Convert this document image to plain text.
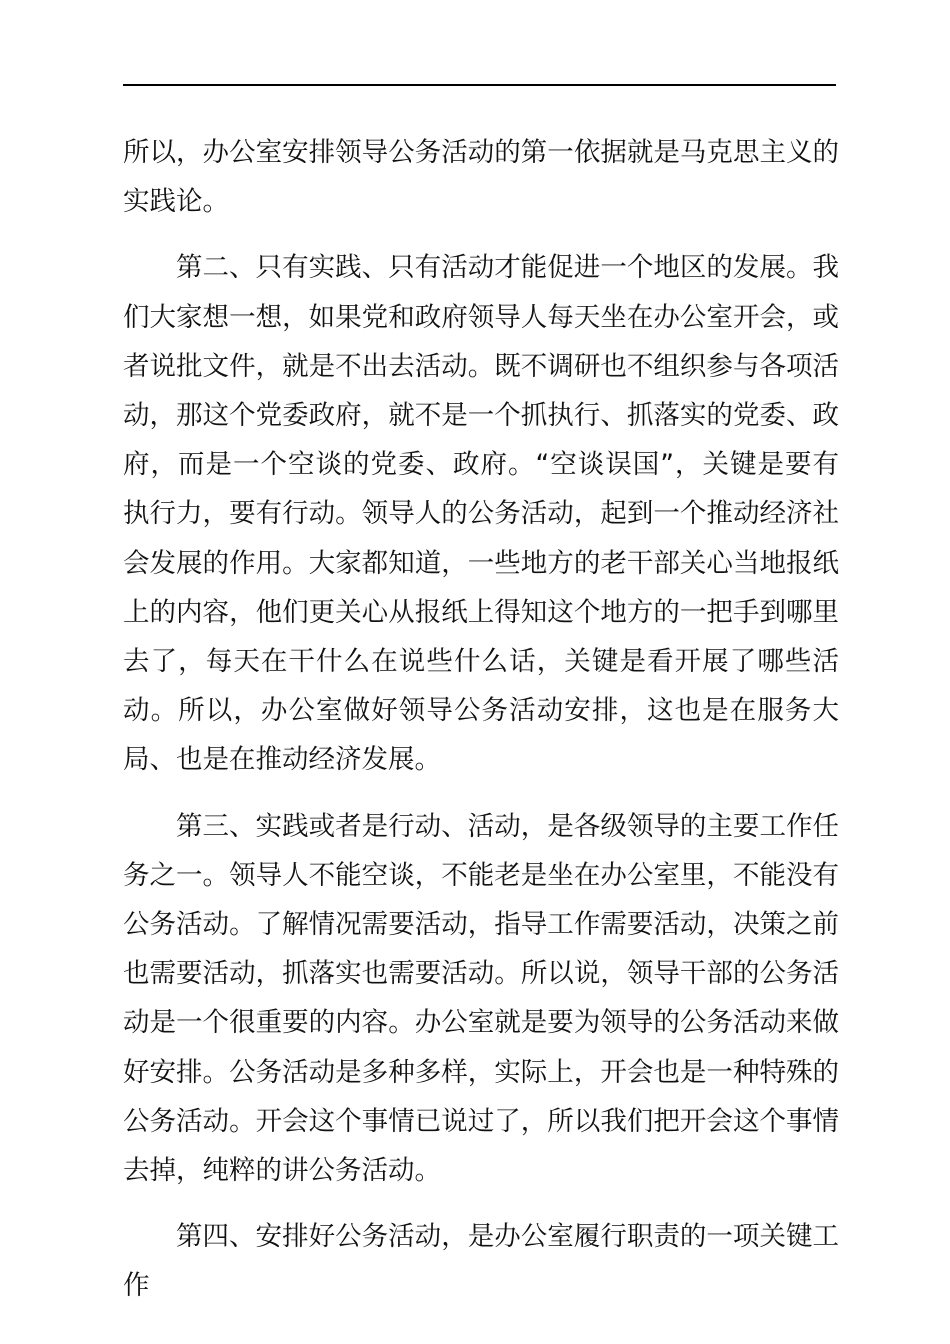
所以，办公室安排领导公务活动的第一依据就是马克思主义的实践论。

第二、只有实践、只有活动才能促进一个地区的发展。我们大家想一想，如果党和政府领导人每天坐在办公室开会，或者说批文件，就是不出去活动。既不调研也不组织参与各项活动，那这个党委政府，就不是一个抓执行、抓落实的党委、政府，而是一个空谈的党委、政府。“空谈误国”，关键是要有执行力，要有行动。领导人的公务活动，起到一个推动经济社会发展的作用。大家都知道，一些地方的老干部关心当地报纸上的内容，他们更关心从报纸上得知这个地方的一把手到哪里去了，每天在干什么在说些什么话，关键是看开展了哪些活动。所以，办公室做好领导公务活动安排，这也是在服务大局、也是在推动经济发展。

第三、实践或者是行动、活动，是各级领导的主要工作任务之一。领导人不能空谈，不能老是坐在办公室里，不能没有公务活动。了解情况需要活动，指导工作需要活动，决策之前也需要活动，抓落实也需要活动。所以说，领导干部的公务活动是一个很重要的内容。办公室就是要为领导的公务活动来做好安排。公务活动是多种多样，实际上，开会也是一种特殊的公务活动。开会这个事情已说过了，所以我们把开会这个事情去掉，纯粹的讲公务活动。

第四、安排好公务活动，是办公室履行职责的一项关键工作
